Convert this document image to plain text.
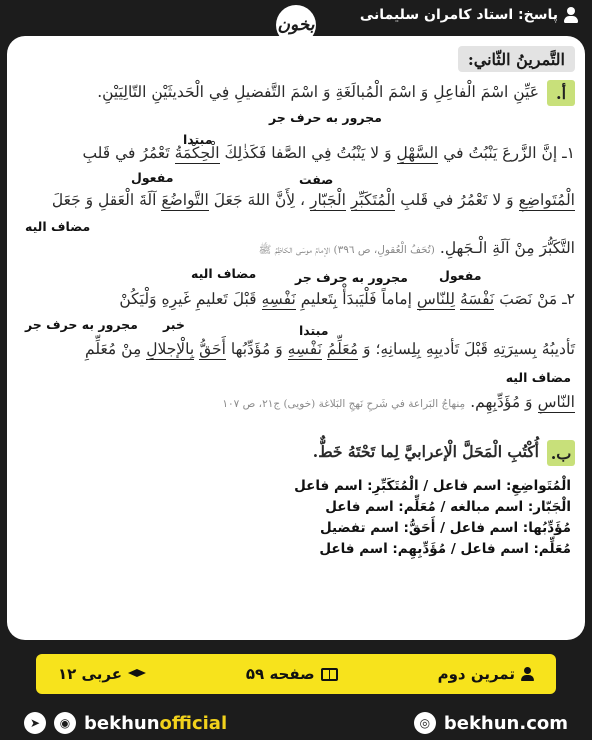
پاسخ: استاد کامران سلیمانی
بخون
التَّمرينُ الثّاني:
أ.
عَيِّنِ اسْمَ الْفاعِلِ وَ اسْمَ الْمُبالَغَةِ وَ اسْمَ التَّفضيلِ فِي الْحَديثَيْنِ التّالِيَيْنِ.
مبتدا
مجرور به حرف جر
١ـ إنَّ الزَّرعَ يَنْبُتُ في السَّهْلِ وَ لا يَنْبُتُ فِي الصَّفا فَكَذٰلِكَ الْحِكْمَةُ تَعْمُرُ في قَلبِ
مفعول	صفت
الْمُتَواضِعِ وَ لا تَعْمُرُ في قَلبِ الْمُتَكَبِّرِ الْجَبّارِ ، لِأَنَّ اللهَ جَعَلَ التَّواضُعَ آلَةَ الْعَقلِ وَ جَعَلَ
مضاف اليه
التَّكَبُّرَ مِنْ آلَةِ الْـجَهلِ. (تُحَفُ الْعُقولِ، ص ٣٩٦) الإمامُ موسَى الكاظِمُ ﷺ
مضاف اليه	مفعول
مجرور به حرف جر
٢ـ مَنْ نَصَبَ نَفْسَهُ لِلنّاسِ إماماً فَلْيَبدَأْ بِتَعليمِ نَفْسِهِ قَبْلَ تَعليمِ غَيرِهِ وَلْيَكُنْ
مجرور به حرف جر خبر	مبتدا
تَأديبُهُ بِسيرَتِهِ قَبْلَ تَأديبِهِ بِلِسانِهِ؛ وَ مُعَلِّمُ نَفْسِهِ وَ مُؤَدِّبُها أَحَقُّ بِالْإجلالِ مِنْ مُعَلِّمِ
مضاف اليه
النّاسِ وَ مُؤَدِّبِهِم. مِنهاجُ البَراعة في شَرحِ نَهجِ البَلاغة (خويى) ج٢١، ص ١٠٧
ب.
أُكْتُبِ الْمَحَلَّ الْإعرابيَّ لِما تَحْتَهُ خَطٌّ.
الْمُتَواضِعِ: اسم فاعل / الْمُتَكَبِّرِ: اسم فاعل
الْجَبّار: اسم مبالغه / مُعَلِّم: اسم فاعل
مُؤَدِّبُها: اسم فاعل / أَحَقُّ: اسم تفضيل
مُعَلِّم: اسم فاعل / مُؤَدِّبِهِم: اسم فاعل
تمرین دوم
صفحه ۵۹
عربی ۱۲
➤	◉ bekhunofficial	◎ bekhun.com
